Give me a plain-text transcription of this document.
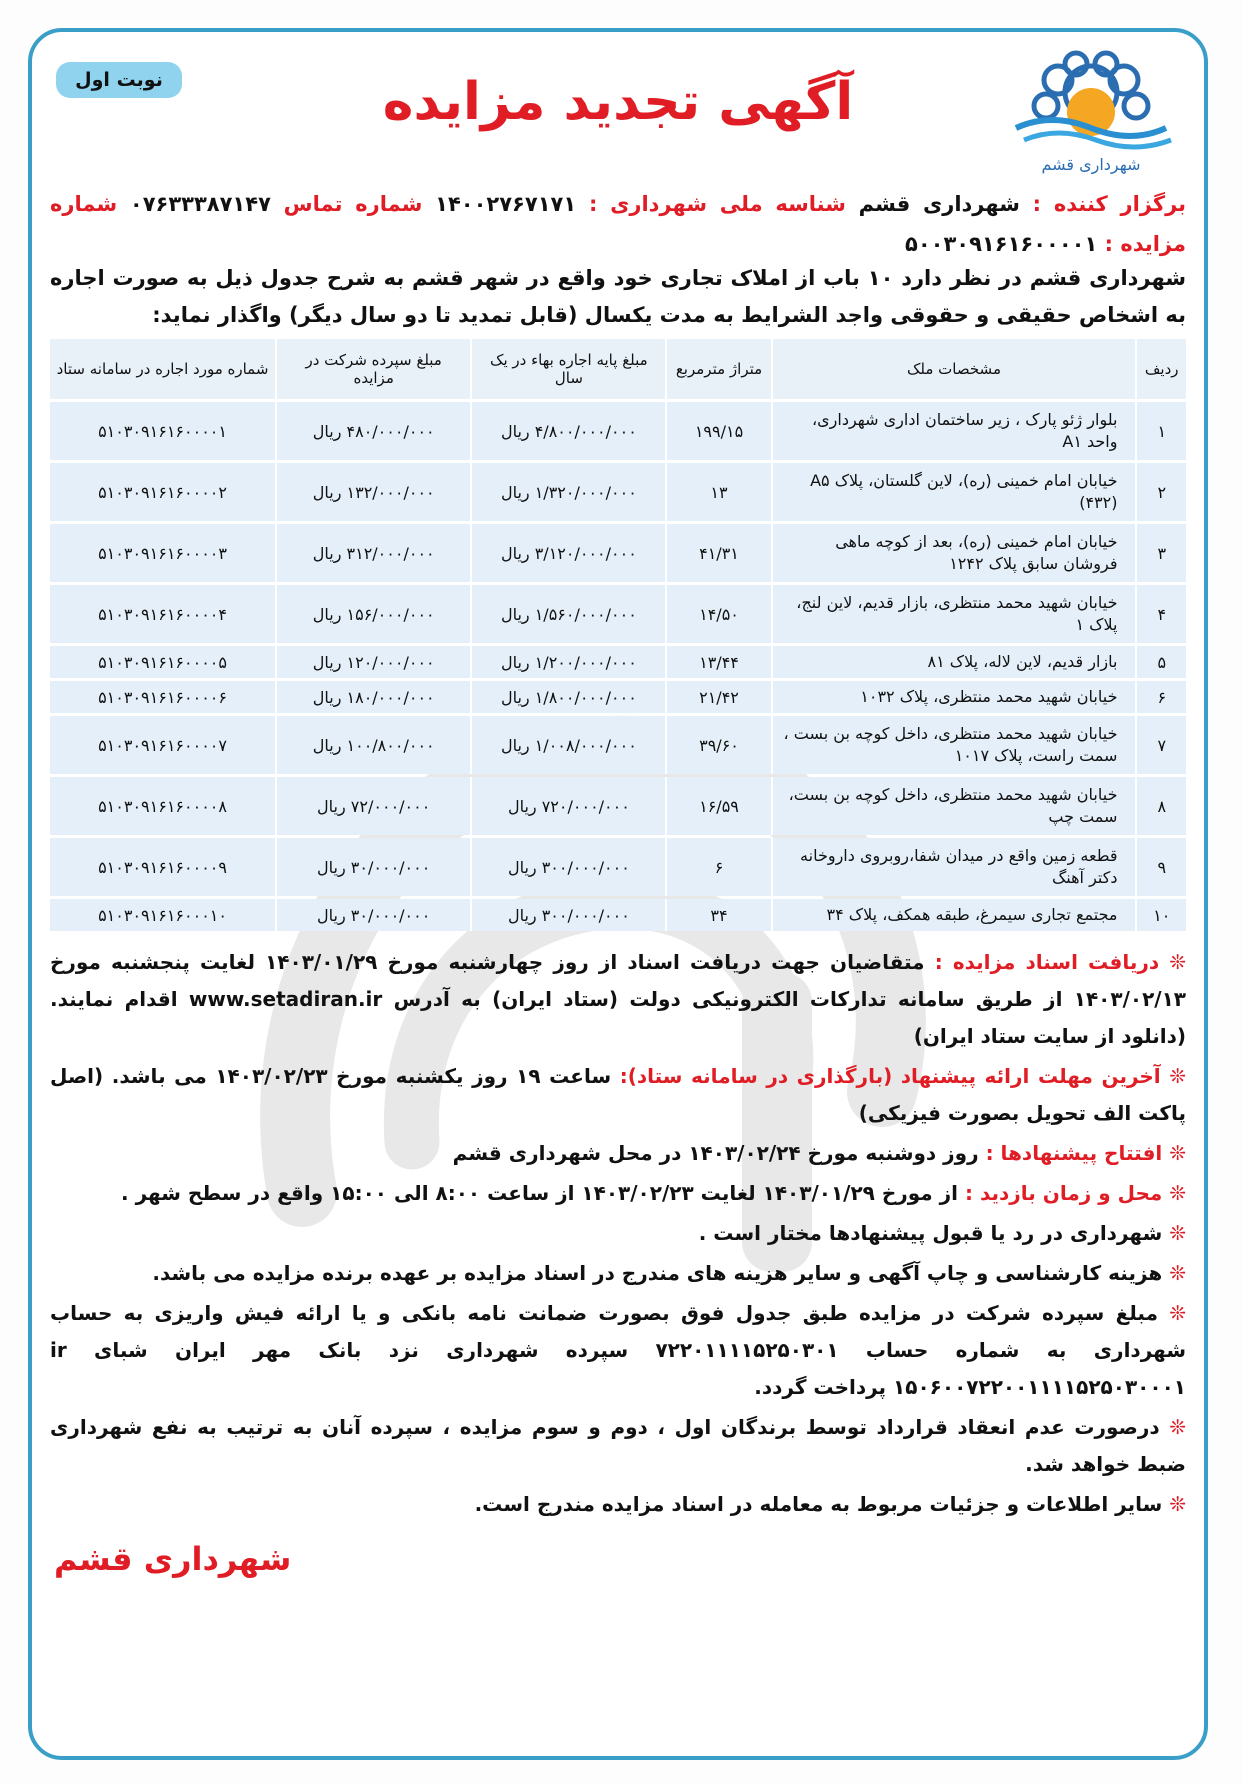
نوبت اول	آگهی تجدید مزایده
شهرداری قشم
برگزار کننده : شهرداری قشم شناسه ملی شهرداری : ۱۴۰۰۲۷۶۷۱۷۱ شماره تماس ۰۷۶۳۳۳۸۷۱۴۷ شماره مزایده : ۵۰۰۳۰۹۱۶۱۶۰۰۰۰۱
شهرداری قشم در نظر دارد ۱۰ باب از املاک تجاری خود واقع در شهر قشم به شرح جدول ذیل به صورت اجاره به اشخاص حقیقی و حقوقی واجد الشرایط به مدت یکسال (قابل تمدید تا دو سال دیگر) واگذار نماید:
ردیف	مشخصات ملک	متراژ مترمربع	مبلغ پایه اجاره بهاء در یک سال	مبلغ سپرده شرکت در مزایده	شماره مورد اجاره در سامانه ستاد
۱	بلوار ژئو پارک ، زیر ساختمان اداری شهرداری، واحد A۱	۱۹۹/۱۵	۴/۸۰۰/۰۰۰/۰۰۰ ریال	۴۸۰/۰۰۰/۰۰۰ ریال	۵۱۰۳۰۹۱۶۱۶۰۰۰۰۱
۲	خیابان امام خمینی (ره)، لاین گلستان، پلاک A۵ (۴۳۲)	۱۳	۱/۳۲۰/۰۰۰/۰۰۰ ریال	۱۳۲/۰۰۰/۰۰۰ ریال	۵۱۰۳۰۹۱۶۱۶۰۰۰۰۲
۳	خیابان امام خمینی (ره)، بعد از کوچه ماهی فروشان سابق پلاک ۱۲۴۲	۴۱/۳۱	۳/۱۲۰/۰۰۰/۰۰۰ ریال	۳۱۲/۰۰۰/۰۰۰ ریال	۵۱۰۳۰۹۱۶۱۶۰۰۰۰۳
۴	خیابان شهید محمد منتظری، بازار قدیم، لاین لنج، پلاک ۱	۱۴/۵۰	۱/۵۶۰/۰۰۰/۰۰۰ ریال	۱۵۶/۰۰۰/۰۰۰ ریال	۵۱۰۳۰۹۱۶۱۶۰۰۰۰۴
۵	بازار قدیم، لاین لاله، پلاک ۸۱	۱۳/۴۴	۱/۲۰۰/۰۰۰/۰۰۰ ریال	۱۲۰/۰۰۰/۰۰۰ ریال	۵۱۰۳۰۹۱۶۱۶۰۰۰۰۵
۶	خیابان شهید محمد منتظری، پلاک ۱۰۳۲	۲۱/۴۲	۱/۸۰۰/۰۰۰/۰۰۰ ریال	۱۸۰/۰۰۰/۰۰۰ ریال	۵۱۰۳۰۹۱۶۱۶۰۰۰۰۶
۷	خیابان شهید محمد منتظری، داخل کوچه بن بست ، سمت راست، پلاک ۱۰۱۷	۳۹/۶۰	۱/۰۰۸/۰۰۰/۰۰۰ ریال	۱۰۰/۸۰۰/۰۰۰ ریال	۵۱۰۳۰۹۱۶۱۶۰۰۰۰۷
۸	خیابان شهید محمد منتظری، داخل کوچه بن بست، سمت چپ	۱۶/۵۹	۷۲۰/۰۰۰/۰۰۰ ریال	۷۲/۰۰۰/۰۰۰ ریال	۵۱۰۳۰۹۱۶۱۶۰۰۰۰۸
۹	قطعه زمین واقع در میدان شفا،روبروی داروخانه دکتر آهنگ	۶	۳۰۰/۰۰۰/۰۰۰ ریال	۳۰/۰۰۰/۰۰۰ ریال	۵۱۰۳۰۹۱۶۱۶۰۰۰۰۹
۱۰	مجتمع تجاری سیمرغ، طبقه همکف، پلاک ۳۴	۳۴	۳۰۰/۰۰۰/۰۰۰ ریال	۳۰/۰۰۰/۰۰۰ ریال	۵۱۰۳۰۹۱۶۱۶۰۰۰۱۰

❊ دریافت اسناد مزایده : متقاضیان جهت دریافت اسناد از روز چهارشنبه مورخ ۱۴۰۳/۰۱/۲۹ لغایت پنجشنبه مورخ ۱۴۰۳/۰۲/۱۳ از طریق سامانه تدارکات الکترونیکی دولت (ستاد ایران) به آدرس www.setadiran.ir اقدام نمایند. (دانلود از سایت ستاد ایران)

❊ آخرین مهلت ارائه پیشنهاد (بارگذاری در سامانه ستاد): ساعت ۱۹ روز یکشنبه مورخ ۱۴۰۳/۰۲/۲۳ می باشد. (اصل پاکت الف تحویل بصورت فیزیکی)

❊ افتتاح پیشنهادها : روز دوشنبه مورخ ۱۴۰۳/۰۲/۲۴ در محل شهرداری قشم

❊ محل و زمان بازدید : از مورخ ۱۴۰۳/۰۱/۲۹ لغایت ۱۴۰۳/۰۲/۲۳ از ساعت ۸:۰۰ الی ۱۵:۰۰ واقع در سطح شهر .

❊ شهرداری در رد یا قبول پیشنهادها مختار است .

❊ هزینه کارشناسی و چاپ آگهی و سایر هزینه های مندرج در اسناد مزایده بر عهده برنده مزایده می باشد.

❊ مبلغ سپرده شرکت در مزایده طبق جدول فوق بصورت ضمانت نامه بانکی و یا ارائه فیش واریزی به حساب شهرداری به شماره حساب ۷۲۲۰۱۱۱۱۵۲۵۰۳۰۱ سپرده شهرداری نزد بانک مهر ایران شبای ir ۱۵۰۶۰۰۷۲۲۰۰۱۱۱۱۵۲۵۰۳۰۰۰۱ پرداخت گردد.

❊ درصورت عدم انعقاد قرارداد توسط برندگان اول ، دوم و سوم مزایده ، سپرده آنان به ترتیب به نفع شهرداری ضبط خواهد شد.

❊ سایر اطلاعات و جزئیات مربوط به معامله در اسناد مزایده مندرج است.

شهرداری قشم
